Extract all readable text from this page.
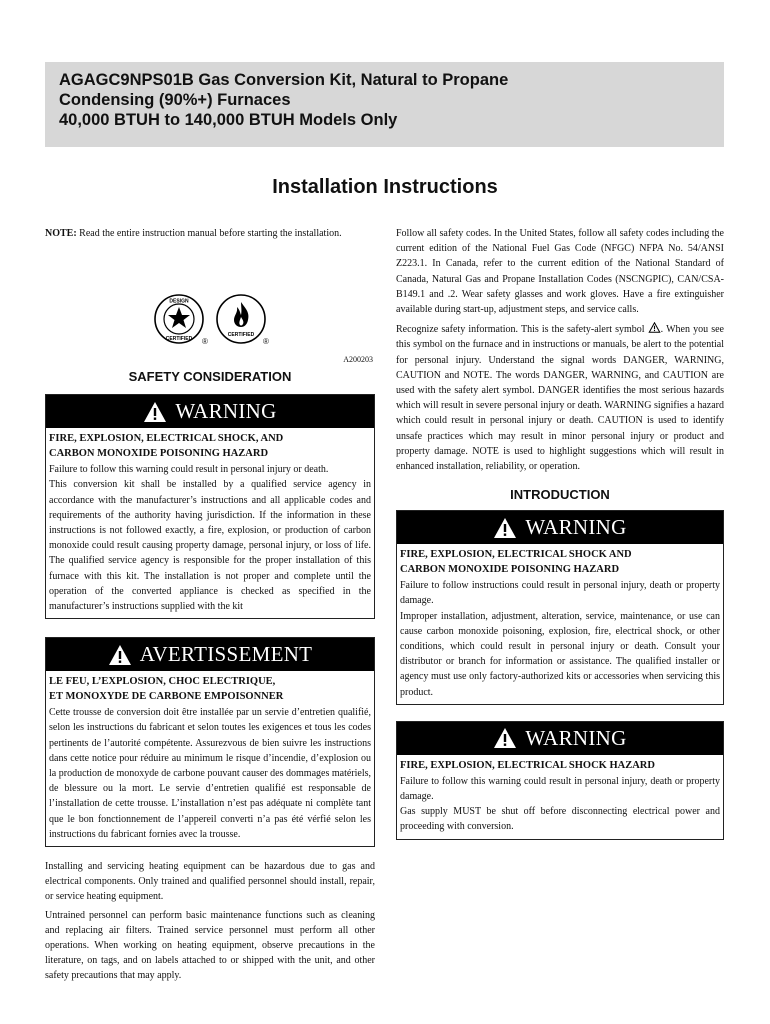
AGAGC9NPS01B Gas Conversion Kit, Natural to Propane
Condensing (90%+) Furnaces
40,000 BTUH to 140,000 BTUH Models Only
Installation Instructions

NOTE: Read the entire instruction manual before starting the installation.

DESIGN
CERTIFIED
CERTIFIED
®	®
A200203
SAFETY CONSIDERATION
WARNING
FIRE, EXPLOSION, ELECTRICAL SHOCK, AND
CARBON MONOXIDE POISONING HAZARD

Failure to follow this warning could result in personal injury or death.

This conversion kit shall be installed by a qualified service agency in accordance with the manufacturer’s instructions and all applicable codes and requirements of the authority having jurisdiction. If the information in these instructions is not followed exactly, a fire, explosion, or production of carbon monoxide could result causing property damage, personal injury, or loss of life. The qualified service agency is responsible for the proper installation of this furnace with this kit. The installation is not proper and complete until the operation of the converted appliance is checked as specified in the manufacturer’s instructions supplied with the kit

AVERTISSEMENT
LE FEU, L’EXPLOSION, CHOC ELECTRIQUE,
ET MONOXYDE DE CARBONE EMPOISONNER

Cette trousse de conversion doit être installée par un servie d’entretien qualifié, selon les instructions du fabricant et selon toutes les exigences et tous les codes pertinents de l’autorité compétente. Assurezvous de bien suivre les instructions dans cette notice pour réduire au minimum le risque d’incendie, d’explosion ou la production de monoxyde de carbone pouvant causer des dommages matériels, de blessure ou la mort. Le servie d’entretien qualifié est responsable de l’installation de cette trousse. L’installation n’est pas adéquate ni complète tant que le bon fonctionnement de l’appereil converti n’a pas été vérfié selon les instructions du fabricant fornies avec la trousse.

Installing and servicing heating equipment can be hazardous due to gas and electrical components. Only trained and qualified personnel should install, repair, or service heating equipment.

Untrained personnel can perform basic maintenance functions such as cleaning and replacing air filters. Trained service personnel must perform all other operations. When working on heating equipment, observe precautions in the literature, on tags, and on labels attached to or shipped with the unit, and other safety precautions that may apply.

Follow all safety codes. In the United States, follow all safety codes including the current edition of the National Fuel Gas Code (NFGC) NFPA No. 54/ANSI Z223.1. In Canada, refer to the current edition of the National Standard of Canada, Natural Gas and Propane Installation Codes (NSCNGPIC), CAN/CSA-B149.1 and .2. Wear safety glasses and work gloves. Have a fire extinguisher available during start-up, adjustment steps, and service calls.

Recognize safety information. This is the safety-alert symbol . When you see this symbol on the furnace and in instructions or manuals, be alert to the potential for personal injury. Understand the signal words DANGER, WARNING, CAUTION and NOTE. The words DANGER, WARNING, and CAUTION are used with the safety alert symbol. DANGER identifies the most serious hazards which will result in severe personal injury or death. WARNING signifies a hazard which could result in personal injury or death. CAUTION is used to identify unsafe practices which may result in minor personal injury or product and property damage. NOTE is used to highlight suggestions which will result in enhanced installation, reliability, or operation.

INTRODUCTION
WARNING
FIRE, EXPLOSION, ELECTRICAL SHOCK AND
CARBON MONOXIDE POISONING HAZARD

Failure to follow instructions could result in personal injury, death or property damage.

Improper installation, adjustment, alteration, service, maintenance, or use can cause carbon monoxide poisoning, explosion, fire, electrical shock, or other conditions, which could result in personal injury or death. Consult your distributor or branch for information or assistance. The qualified installer or agency must use only factory-authorized kits or accessories when servicing this product.

WARNING
FIRE, EXPLOSION, ELECTRICAL SHOCK HAZARD

Failure to follow this warning could result in personal injury, death or property damage.

Gas supply MUST be shut off before disconnecting electrical power and proceeding with conversion.
